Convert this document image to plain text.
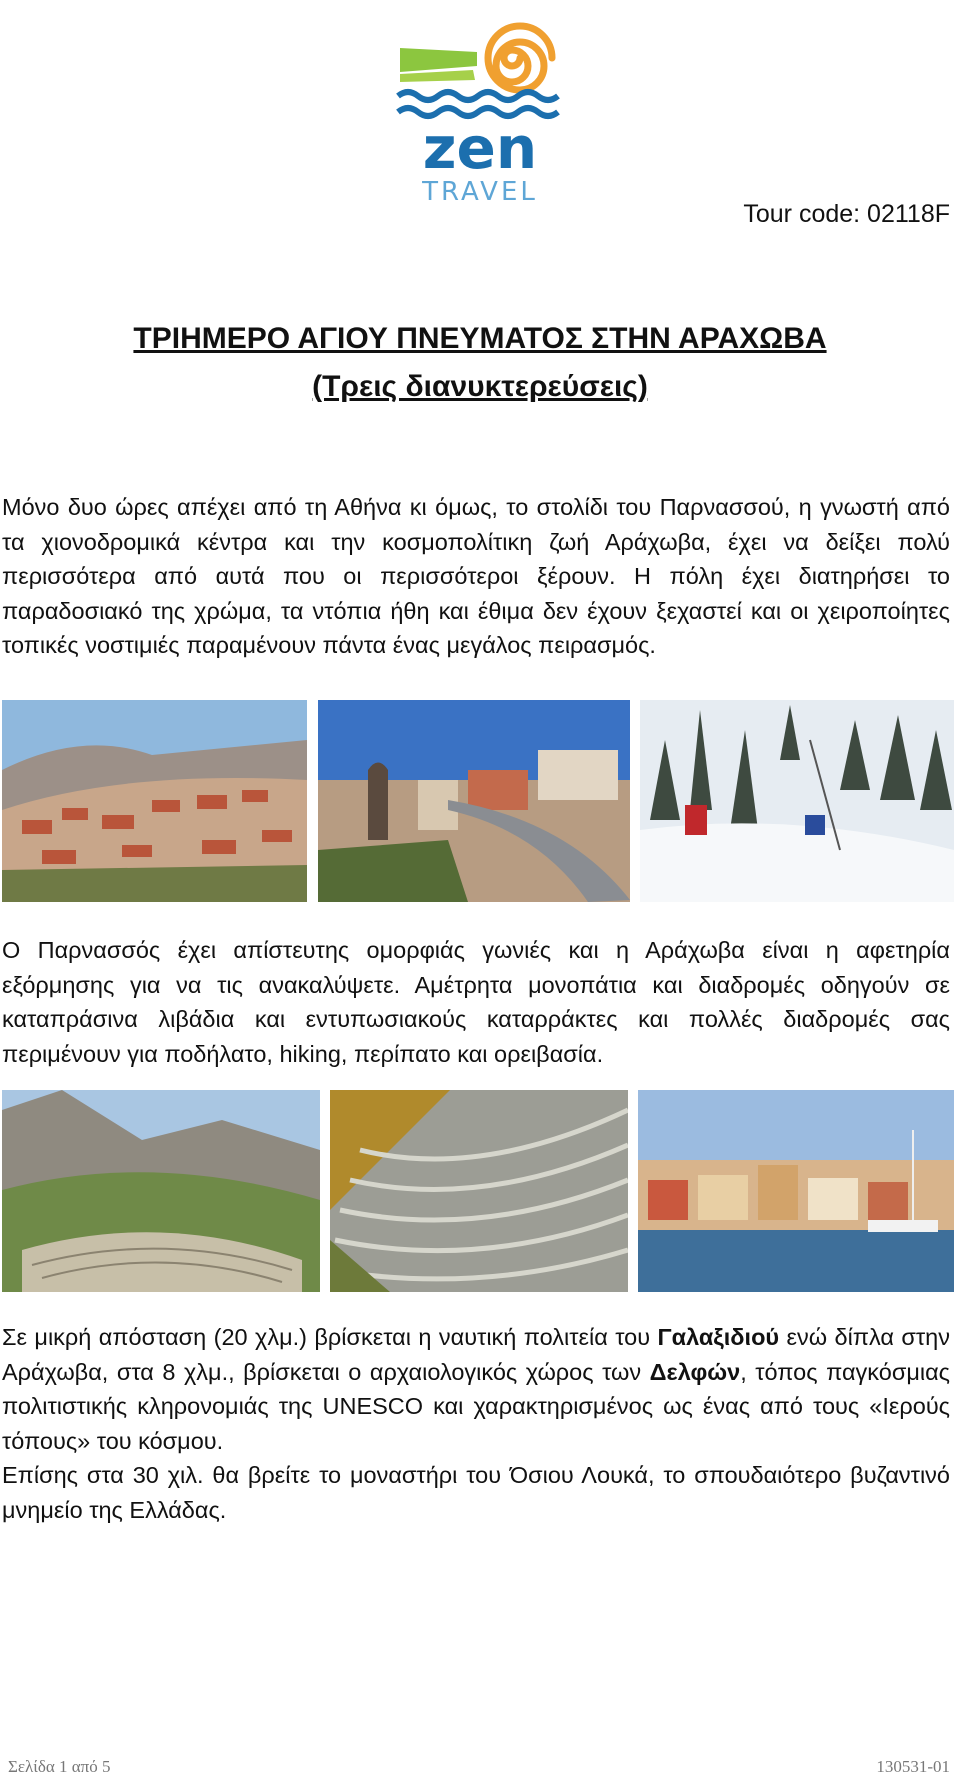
zen
TRAVEL
Tour code: 02118F
ΤΡΙΗΜΕΡΟ ΑΓΙΟΥ ΠΝΕΥΜΑΤΟΣ ΣΤΗΝ ΑΡΑΧΩΒΑ
(Τρεις διανυκτερεύσεις)

Μόνο δυο ώρες απέχει από τη Αθήνα κι όμως, το στολίδι του Παρνασσού, η γνωστή από τα χιονοδρομικά κέντρα και την κοσμοπολίτικη ζωή Αράχωβα, έχει να δείξει πολύ περισσότερα από αυτά που οι περισσότεροι ξέρουν. Η πόλη έχει διατηρήσει το παραδοσιακό της χρώμα, τα ντόπια ήθη και έθιμα δεν έχουν ξεχαστεί και οι χειροποίητες τοπικές νοστιμιές παραμένουν πάντα ένας μεγάλος πειρασμός.

Ο Παρνασσός έχει απίστευτης ομορφιάς γωνιές και η Αράχωβα είναι η αφετηρία εξόρμησης για να τις ανακαλύψετε. Αμέτρητα μονοπάτια και διαδρομές οδηγούν σε καταπράσινα λιβάδια και εντυπωσιακούς καταρράκτες και πολλές διαδρομές σας περιμένουν για ποδήλατο, hiking, περίπατο και ορειβασία.

Σε μικρή απόσταση (20 χλμ.) βρίσκεται η ναυτική πολιτεία του Γαλαξιδιού ενώ δίπλα στην Αράχωβα, στα 8 χλμ., βρίσκεται ο αρχαιολογικός χώρος των Δελφών, τόπος παγκόσμιας πολιτιστικής κληρονομιάς της UNESCO και χαρακτηρισμένος ως ένας από τους «Ιερούς τόπους» του κόσμου.
Επίσης στα 30 χιλ. θα βρείτε το μοναστήρι του Όσιου Λουκά, το σπουδαιότερο βυζαντινό μνημείο της Ελλάδας.
Σελίδα 1 από 5	130531-01
